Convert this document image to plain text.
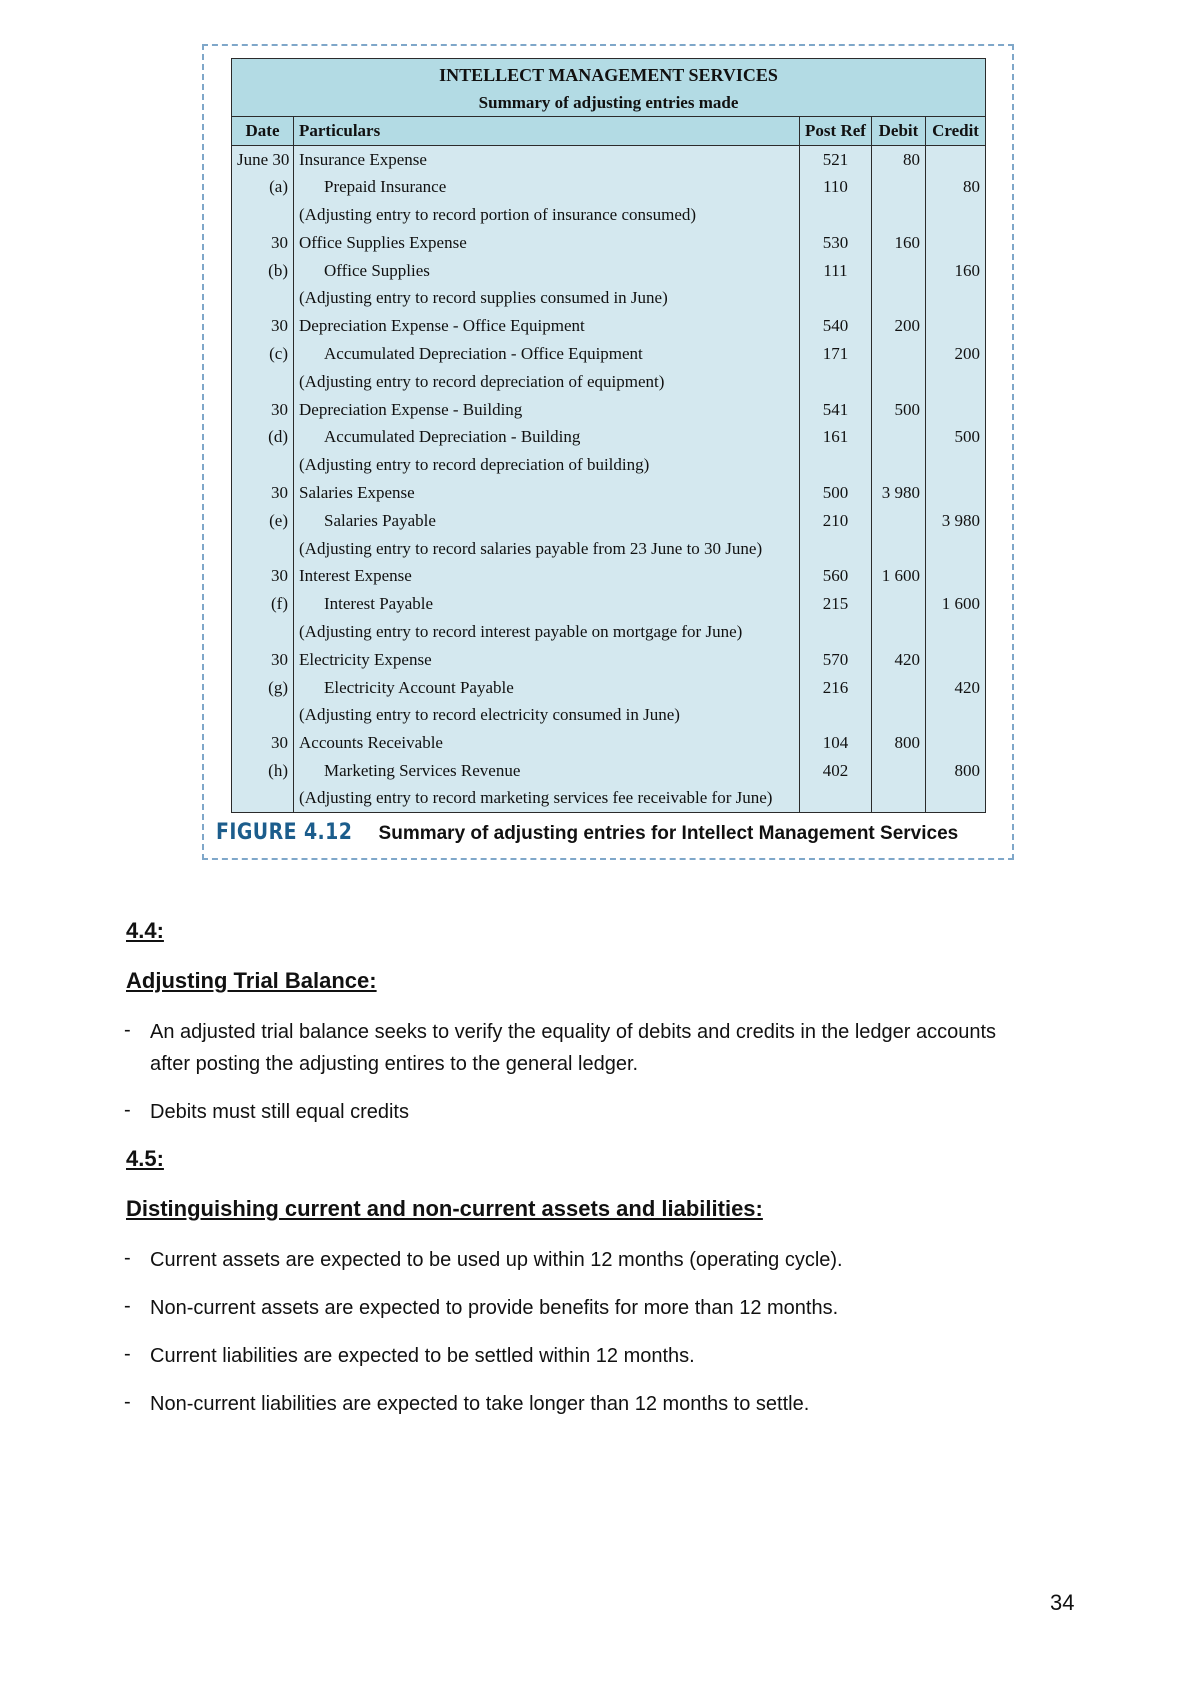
INTELLECT MANAGEMENT SERVICES				
Summary of adjusting entries made				
Date	Particulars	Post Ref	Debit	Credit
June 30	Insurance Expense	521	80	
(a)	Prepaid Insurance	110		80
	(Adjusting entry to record portion of insurance consumed)			
30	Office Supplies Expense	530	160	
(b)	Office Supplies	111		160
	(Adjusting entry to record supplies consumed in June)			
30	Depreciation Expense - Office Equipment	540	200	
(c)	Accumulated Depreciation - Office Equipment	171		200
	(Adjusting entry to record depreciation of equipment)			
30	Depreciation Expense - Building	541	500	
(d)	Accumulated Depreciation - Building	161		500
	(Adjusting entry to record depreciation of building)			
30	Salaries Expense	500	3 980	
(e)	Salaries Payable	210		3 980
	(Adjusting entry to record salaries payable from 23 June to 30 June)			
30	Interest Expense	560	1 600	
(f)	Interest Payable	215		1 600
	(Adjusting entry to record interest payable on mortgage for June)			
30	Electricity Expense	570	420	
(g)	Electricity Account Payable	216		420
	(Adjusting entry to record electricity consumed in June)			
30	Accounts Receivable	104	800	
(h)	Marketing Services Revenue	402		800
	(Adjusting entry to record marketing services fee receivable for June)			
FIGURE 4.12 Summary of adjusting entries for Intellect Management Services

4.4:

Adjusting Trial Balance:

- An adjusted trial balance seeks to verify the equality of debits and credits in the ledger accounts after posting the adjusting entires to the general ledger.

- Debits must still equal credits

4.5:

Distinguishing current and non-current assets and liabilities:

- Current assets are expected to be used up within 12 months (operating cycle).

- Non-current assets are expected to provide benefits for more than 12 months.

- Current liabilities are expected to be settled within 12 months.

- Non-current liabilities are expected to take longer than 12 months to settle.

34
